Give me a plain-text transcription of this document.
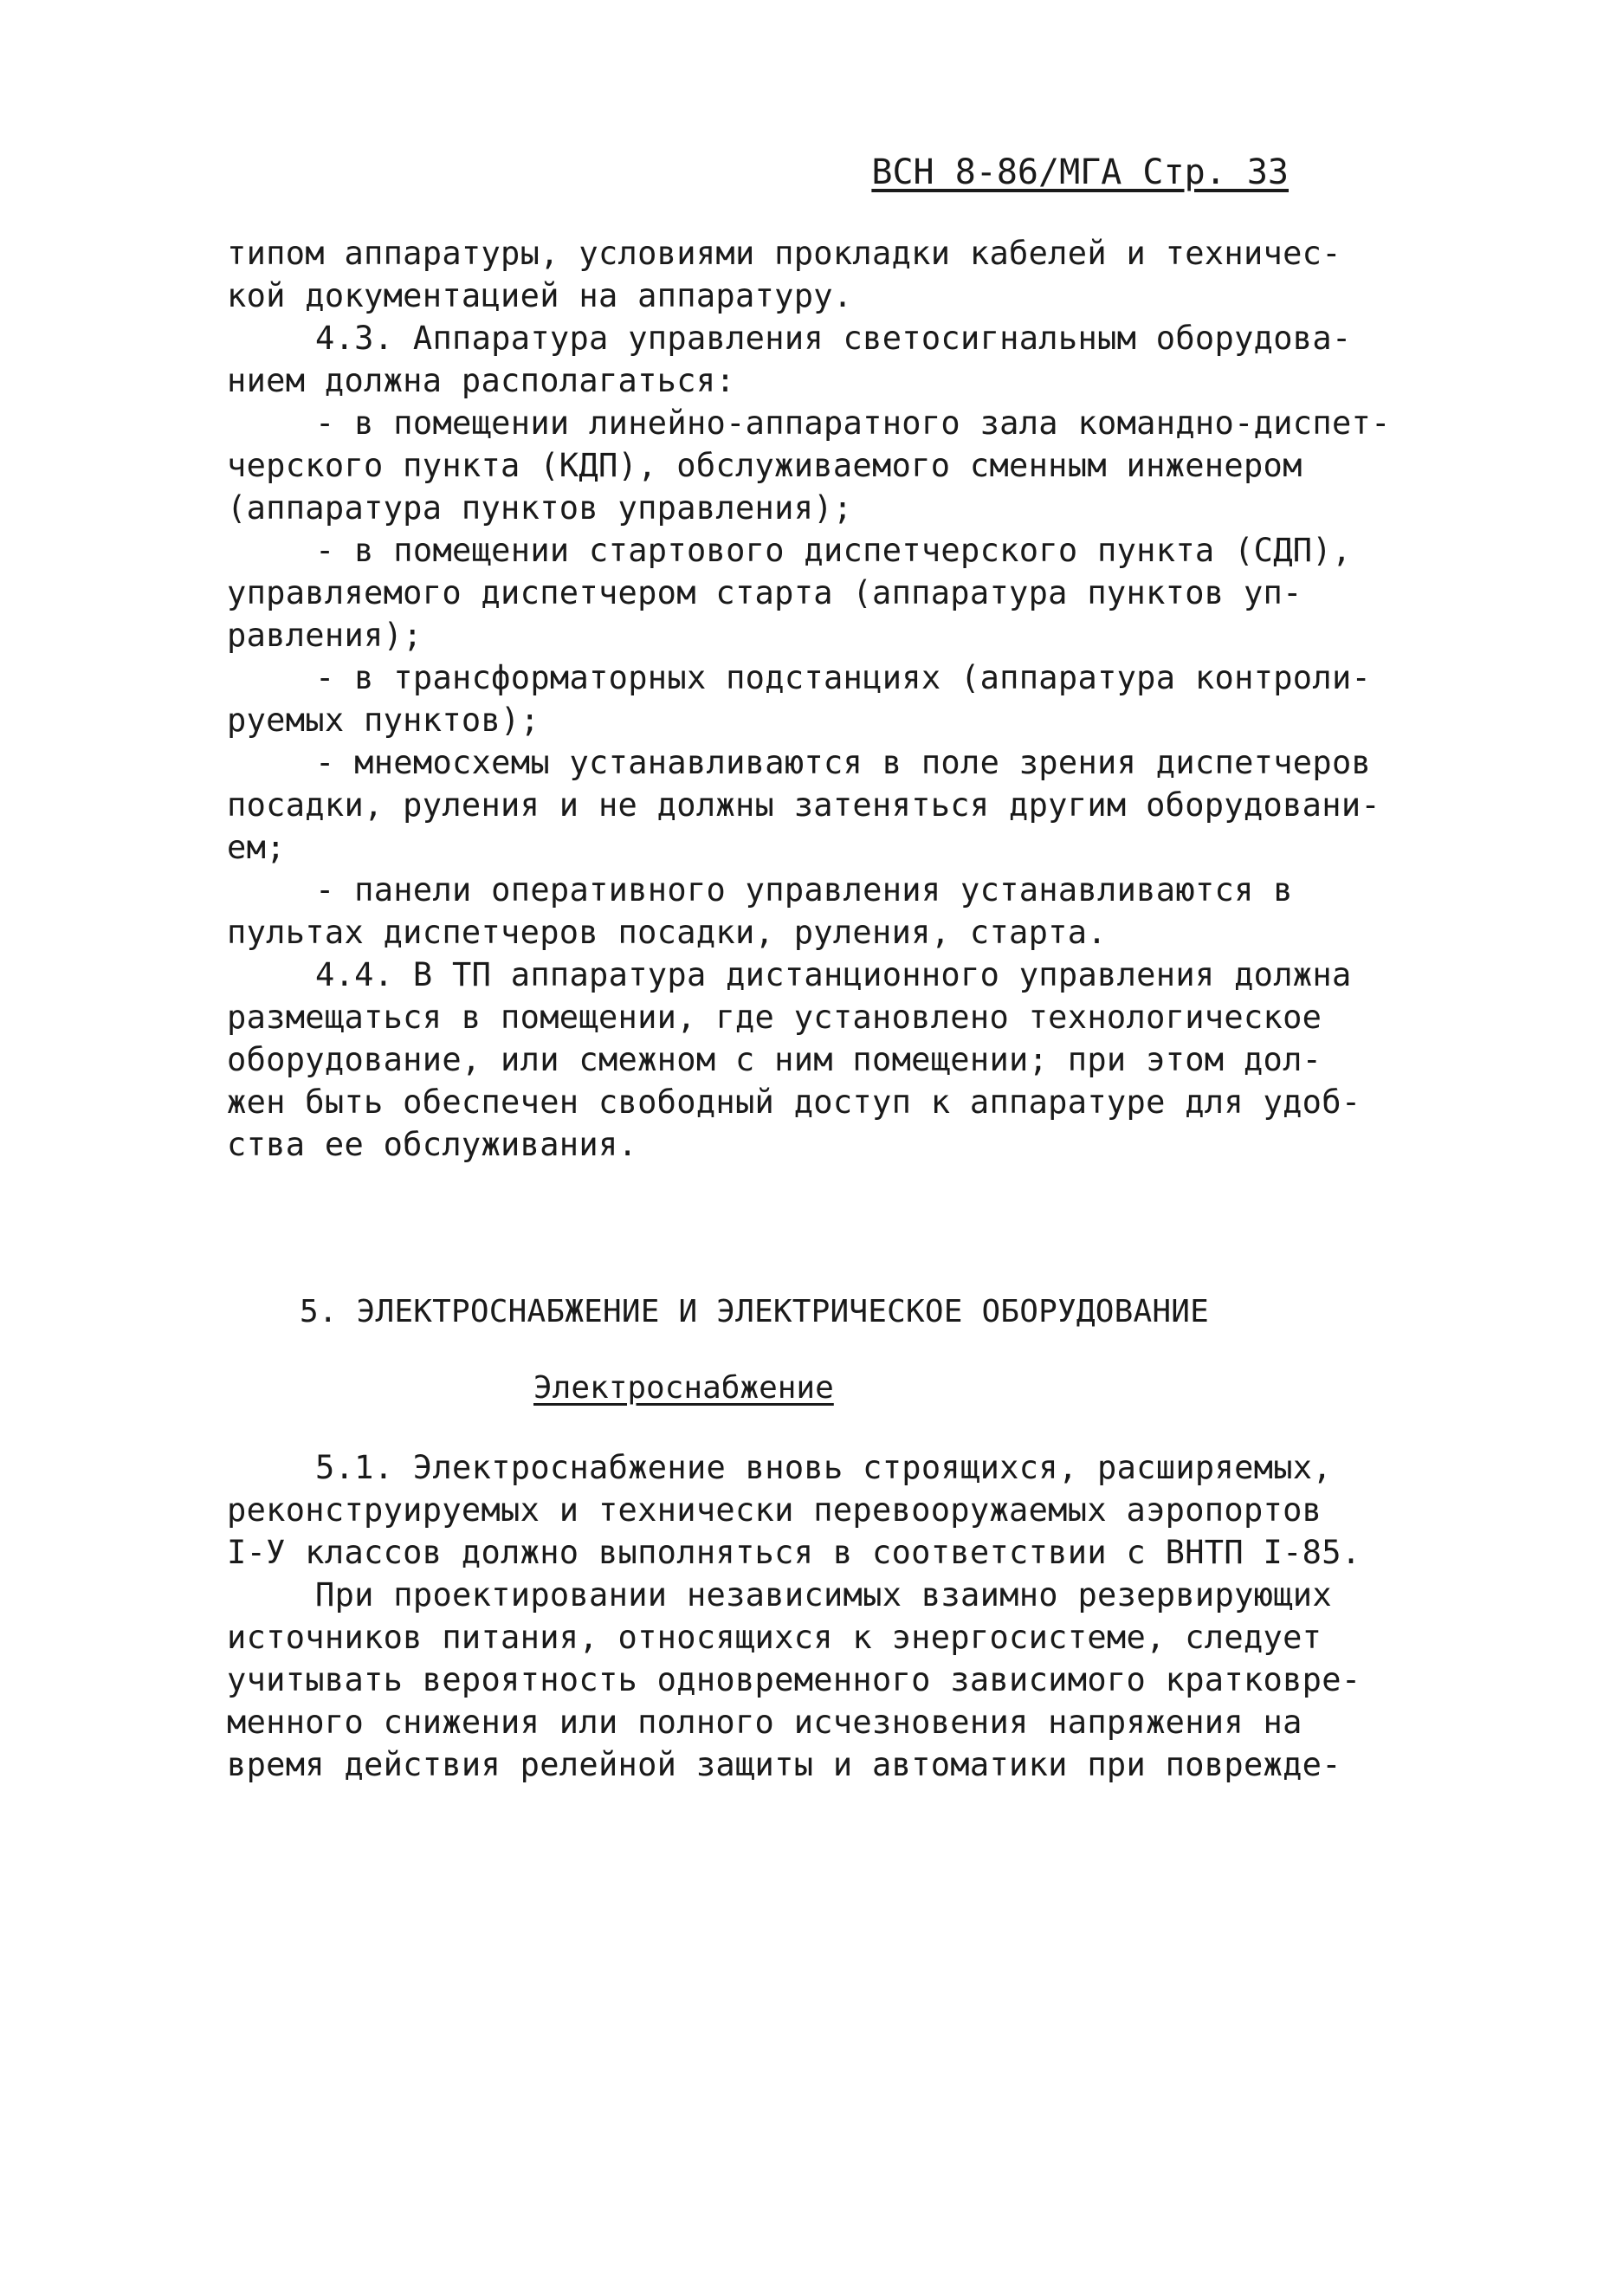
ВСН 8-86/МГА Стр. 33
типом аппаратуры, условиями прокладки кабелей и техничес-
кой документацией на аппаратуру.
4.3. Аппаратура управления светосигнальным оборудова-
нием должна располагаться:
- в помещении линейно-аппаратного зала командно-диспет-
черского пункта (КДП), обслуживаемого сменным инженером
(аппаратура пунктов управления);
- в помещении стартового диспетчерского пункта (СДП),
управляемого диспетчером старта (аппаратура пунктов уп-
равления);
- в трансформаторных подстанциях (аппаратура контроли-
руемых пунктов);
- мнемосхемы устанавливаются в поле зрения диспетчеров
посадки, руления и не должны затеняться другим оборудовани-
ем;
- панели оперативного управления устанавливаются в
пультах диспетчеров посадки, руления, старта.
4.4. В ТП аппаратура дистанционного управления должна
размещаться в помещении, где установлено технологическое
оборудование, или смежном с ним помещении; при этом дол-
жен быть обеспечен свободный доступ к аппаратуре для удоб-
ства ее обслуживания.
5. ЭЛЕКТРОСНАБЖЕНИЕ И ЭЛЕКТРИЧЕСКОЕ ОБОРУДОВАНИЕ
Электроснабжение
5.1. Электроснабжение вновь строящихся, расширяемых,
реконструируемых и технически перевооружаемых аэропортов
I-У классов должно выполняться в соответствии с ВНТП I-85.
При проектировании независимых взаимно резервирующих
источников питания, относящихся к энергосистеме, следует
учитывать вероятность одновременного зависимого кратковре-
менного снижения или полного исчезновения напряжения на
время действия релейной защиты и автоматики при поврежде-
